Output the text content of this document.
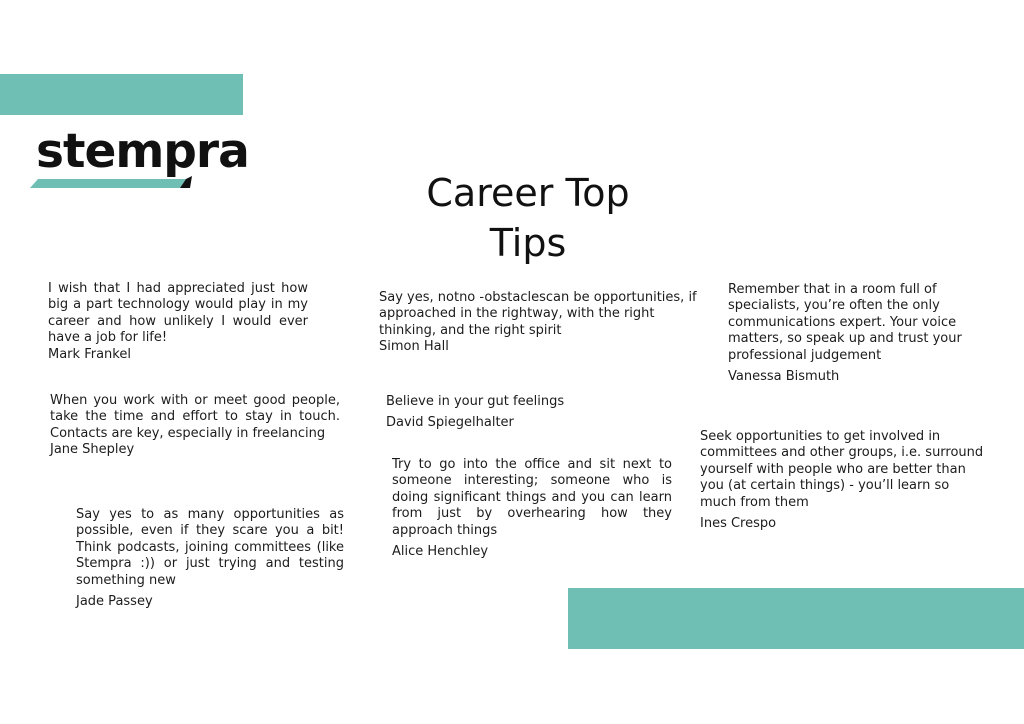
stempra
Career Top Tips

I wish that I had appreciated just how big a part technology would play in my career and how unlikely I would ever have a job for life!

Mark Frankel

When you work with or meet good people, take the time and effort to stay in touch. Contacts are key, especially in freelancing

Jane Shepley

Say yes to as many opportunities as possible, even if they scare you a bit! Think podcasts, joining committees (like Stempra :)) or just trying and testing something new

Jade Passey

Say yes, notno -obstaclescan be opportunities, if approached in the rightway, with the right thinking, and the right spirit

Simon Hall

Believe in your gut feelings

David Spiegelhalter

Try to go into the office and sit next to someone interesting; someone who is doing significant things and you can learn from just by overhearing how they approach things

Alice Henchley

Remember that in a room full of specialists, you’re often the only communications expert. Your voice matters, so speak up and trust your professional judgement

Vanessa Bismuth

Seek opportunities to get involved in committees and other groups, i.e. surround yourself with people who are better than you (at certain things) - you’ll learn so much from them

Ines Crespo
